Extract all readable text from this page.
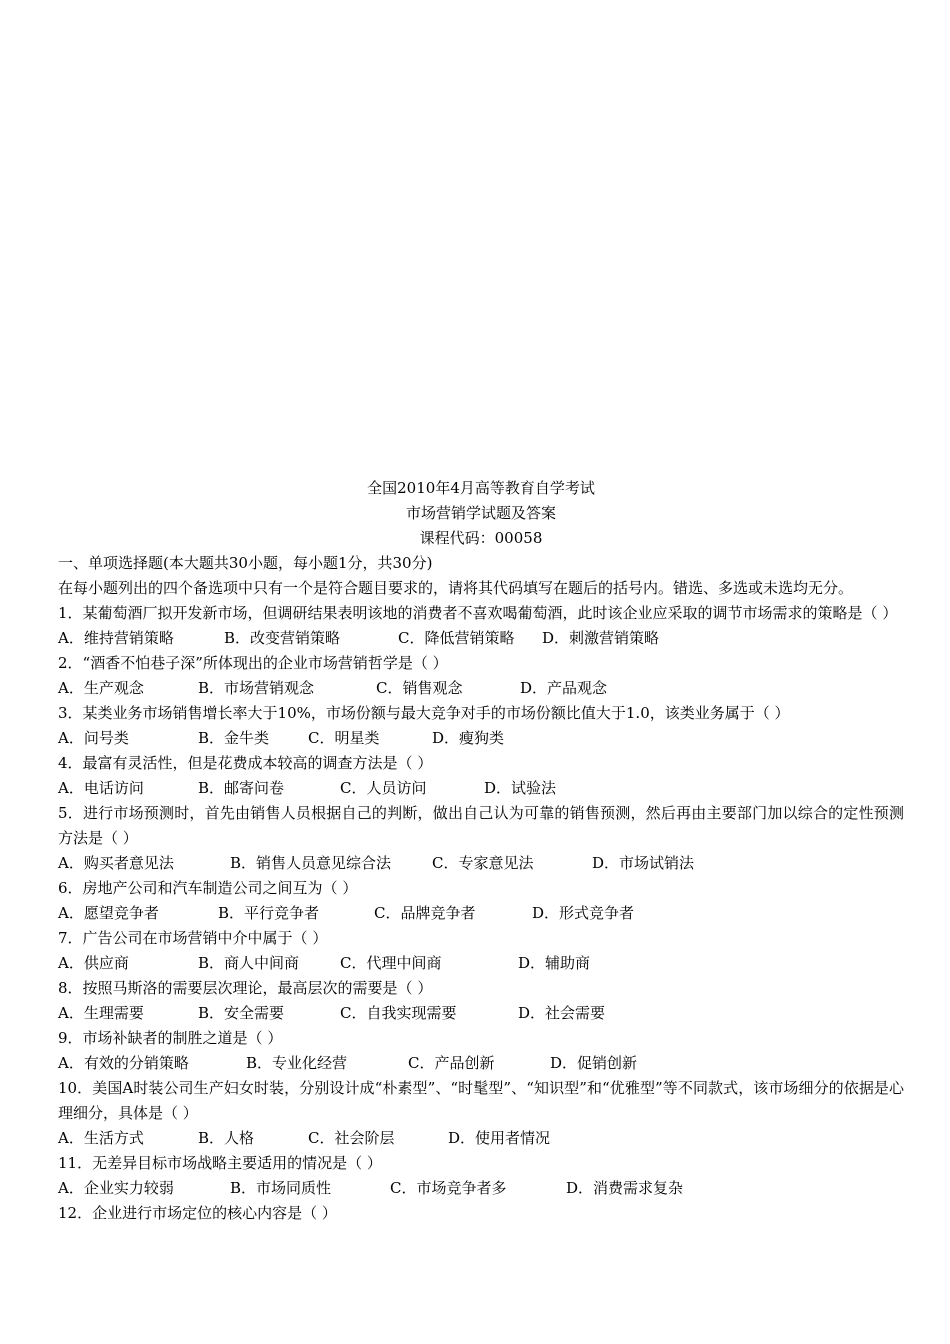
全国2010年4月高等教育自学考试
市场营销学试题及答案
课程代码：00058
一、单项选择题(本大题共30小题，每小题1分，共30分)
在每小题列出的四个备选项中只有一个是符合题目要求的，请将其代码填写在题后的括号内。错选、多选或未选均无分。
1．某葡萄酒厂拟开发新市场，但调研结果表明该地的消费者不喜欢喝葡萄酒，此时该企业应采取的调节市场需求的策略是（ ）
A．维持营销策略	B．改变营销策略	C．降低营销策略 D．刺激营销策略
2．“酒香不怕巷子深”所体现出的企业市场营销哲学是（ ）
A．生产观念	B．市场营销观念	C．销售观念	D．产品观念
3．某类业务市场销售增长率大于10%，市场份额与最大竞争对手的市场份额比值大于1.0，该类业务属于（ ）
A．问号类	B．金牛类	C．明星类	D．瘦狗类
4．最富有灵活性，但是花费成本较高的调查方法是（ ）
A．电话访问	B．邮寄问卷	C．人员访问	D．试验法
5．进行市场预测时，首先由销售人员根据自己的判断，做出自己认为可靠的销售预测，然后再由主要部门加以综合的定性预测方法是（ ）
A．购买者意见法	B．销售人员意见综合法	C．专家意见法	D．市场试销法
6．房地产公司和汽车制造公司之间互为（ ）
A．愿望竞争者	B．平行竞争者	C．品牌竞争者	D．形式竞争者
7．广告公司在市场营销中介中属于（ ）
A．供应商	B．商人中间商	C．代理中间商	D．辅助商
8．按照马斯洛的需要层次理论，最高层次的需要是（ ）
A．生理需要	B．安全需要	C．自我实现需要	D．社会需要
9．市场补缺者的制胜之道是（ ）
A．有效的分销策略	B．专业化经营	C．产品创新	D．促销创新
10．美国A时装公司生产妇女时装，分别设计成“朴素型”、“时髦型”、“知识型”和“优雅型”等不同款式，该市场细分的依据是心理细分，具体是（ ）
A．生活方式	B．人格	C．社会阶层	D．使用者情况
11．无差异目标市场战略主要适用的情况是（ ）
A．企业实力较弱	B．市场同质性	C．市场竞争者多	D．消费需求复杂
12．企业进行市场定位的核心内容是（ ）
